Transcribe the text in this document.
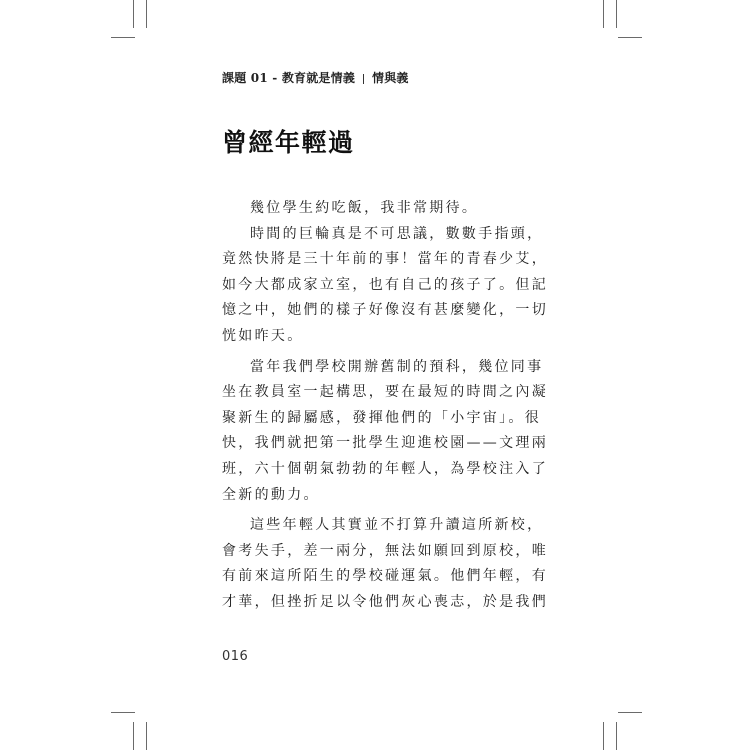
課題 01 - 教育就是情義 情與義
曾經年輕過
幾位學生約吃飯，我非常期待。
時間的巨輪真是不可思議，數數手指頭，
竟然快將是三十年前的事！當年的青春少艾，
如今大都成家立室，也有自己的孩子了。但記
憶之中，她們的樣子好像沒有甚麼變化，一切
恍如昨天。
當年我們學校開辦舊制的預科，幾位同事
坐在教員室一起構思，要在最短的時間之內凝
聚新生的歸屬感，發揮他們的「小宇宙」。很
快，我們就把第一批學生迎進校園——文理兩
班，六十個朝氣勃勃的年輕人，為學校注入了
全新的動力。
這些年輕人其實並不打算升讀這所新校，
會考失手，差一兩分，無法如願回到原校，唯
有前來這所陌生的學校碰運氣。他們年輕，有
才華，但挫折足以令他們灰心喪志，於是我們
016
